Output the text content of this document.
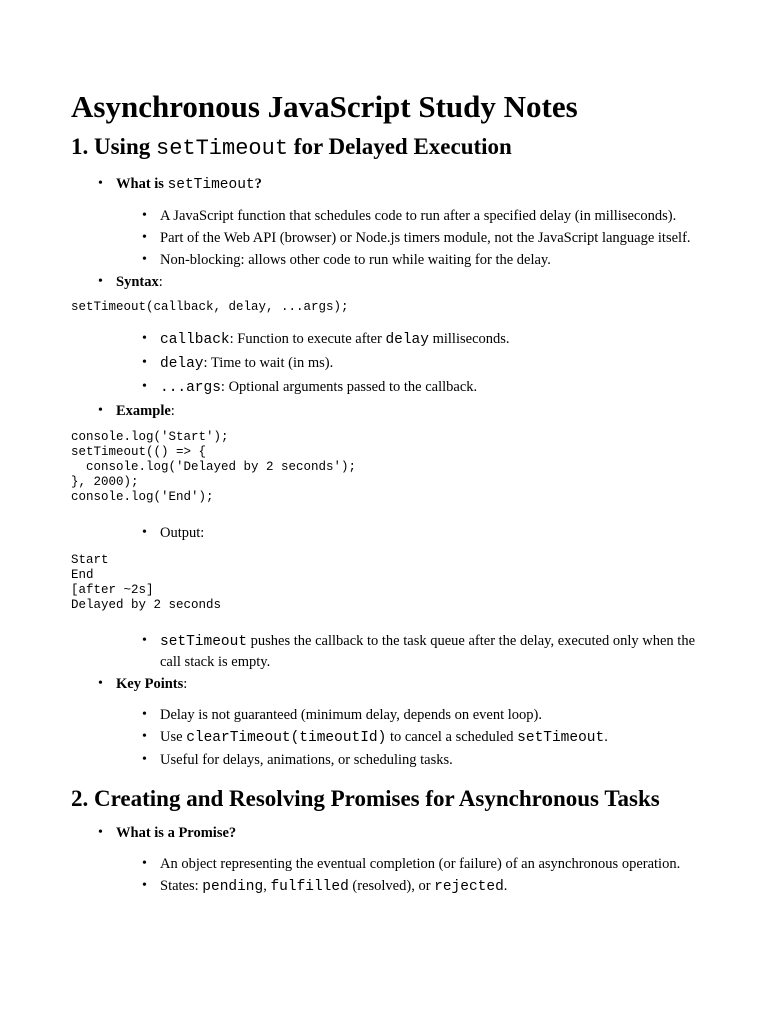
Asynchronous JavaScript Study Notes
1. Using setTimeout for Delayed Execution
• What is setTimeout?
• A JavaScript function that schedules code to run after a specified delay (in milliseconds).
• Part of the Web API (browser) or Node.js timers module, not the JavaScript language itself.
• Non-blocking: allows other code to run while waiting for the delay.
• Syntax:
setTimeout(callback, delay, ...args);
• callback: Function to execute after delay milliseconds.
• delay: Time to wait (in ms).
• ...args: Optional arguments passed to the callback.
• Example:
console.log('Start');
setTimeout(() => {
console.log('Delayed by 2 seconds');
}, 2000);
console.log('End');
• Output:
Start
End
[after ~2s]
Delayed by 2 seconds
• setTimeout pushes the callback to the task queue after the delay, executed only when the call stack is empty.
• Key Points:
• Delay is not guaranteed (minimum delay, depends on event loop).
• Use clearTimeout(timeoutId) to cancel a scheduled setTimeout.
• Useful for delays, animations, or scheduling tasks.
2. Creating and Resolving Promises for Asynchronous Tasks
• What is a Promise?
• An object representing the eventual completion (or failure) of an asynchronous operation.
• States: pending, fulfilled (resolved), or rejected.
